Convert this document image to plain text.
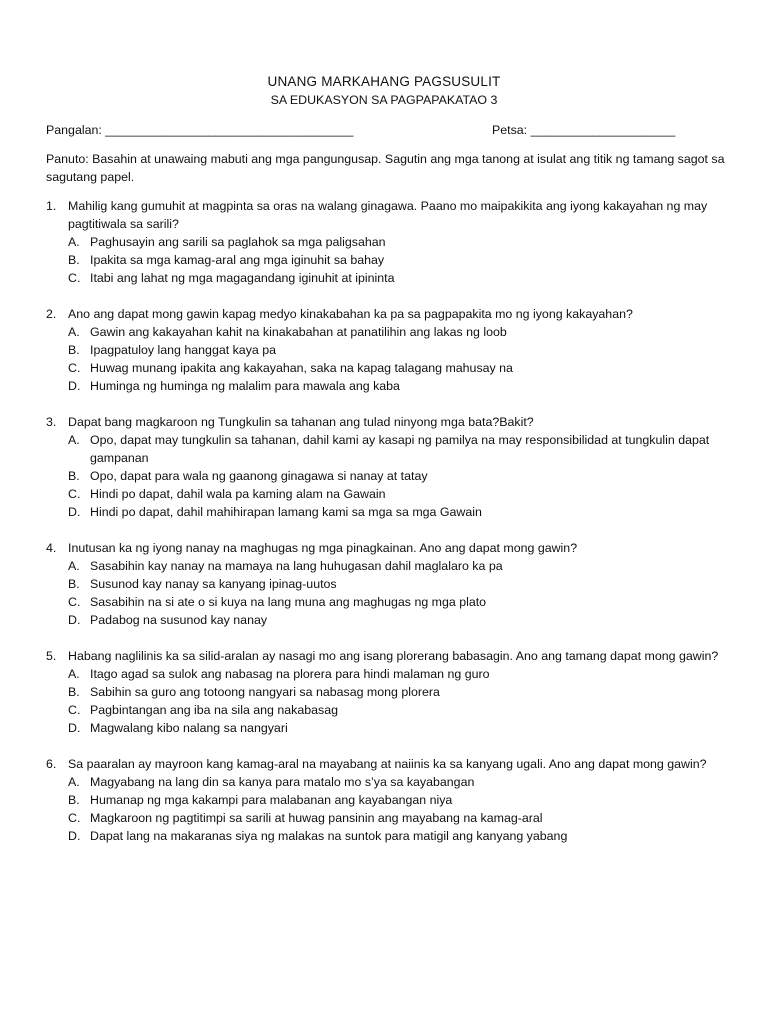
UNANG MARKAHANG PAGSUSULIT
SA EDUKASYON SA PAGPAPAKATAO 3
Pangalan: ____________________________________	Petsa: _____________________
Panuto: Basahin at unawaing mabuti ang mga pangungusap. Sagutin ang mga tanong at isulat ang titik ng tamang sagot sa sagutang papel.
1. Mahilig kang gumuhit at magpinta sa oras na walang ginagawa. Paano mo maipakikita ang iyong kakayahan ng may pagtitiwala sa sarili?
A. Paghusayin ang sarili sa paglahok sa mga paligsahan
B. Ipakita sa mga kamag-aral ang mga iginuhit sa bahay
C. Itabi ang lahat ng mga magagandang iginuhit at ipininta
2. Ano ang dapat mong gawin kapag medyo kinakabahan ka pa sa pagpapakita mo ng iyong kakayahan?
A. Gawin ang kakayahan kahit na kinakabahan at panatilihin ang lakas ng loob
B. Ipagpatuloy lang hanggat kaya pa
C. Huwag munang ipakita ang kakayahan, saka na kapag talagang mahusay na
D. Huminga ng huminga ng malalim para mawala ang kaba
3. Dapat bang magkaroon ng Tungkulin sa tahanan ang tulad ninyong mga bata?Bakit?
A. Opo, dapat may tungkulin sa tahanan, dahil kami ay kasapi ng pamilya na may responsibilidad at tungkulin dapat gampanan
B. Opo, dapat para wala ng gaanong ginagawa si nanay at tatay
C. Hindi po dapat, dahil wala pa kaming alam na Gawain
D. Hindi po dapat, dahil mahihirapan lamang kami sa mga sa mga Gawain
4. Inutusan ka ng iyong nanay na maghugas ng mga pinagkainan. Ano ang dapat mong gawin?
A. Sasabihin kay nanay na mamaya na lang huhugasan dahil maglalaro ka pa
B. Susunod kay nanay sa kanyang ipinag-uutos
C. Sasabihin na si ate o si kuya na lang muna ang maghugas ng mga plato
D. Padabog na susunod kay nanay
5. Habang naglilinis ka sa silid-aralan ay nasagi mo ang isang plorerang babasagin. Ano ang tamang dapat mong gawin?
A. Itago agad sa sulok ang nabasag na plorera para hindi malaman ng guro
B. Sabihin sa guro ang totoong nangyari sa nabasag mong plorera
C. Pagbintangan ang iba na sila ang nakabasag
D. Magwalang kibo nalang sa nangyari
6. Sa paaralan ay mayroon kang kamag-aral na mayabang at naiinis ka sa kanyang ugali. Ano ang dapat mong gawin?
A. Magyabang na lang din sa kanya para matalo mo s’ya sa kayabangan
B. Humanap ng mga kakampi para malabanan ang kayabangan niya
C. Magkaroon ng pagtitimpi sa sarili at huwag pansinin ang mayabang na kamag-aral
D. Dapat lang na makaranas siya ng malakas na suntok para matigil ang kanyang yabang
